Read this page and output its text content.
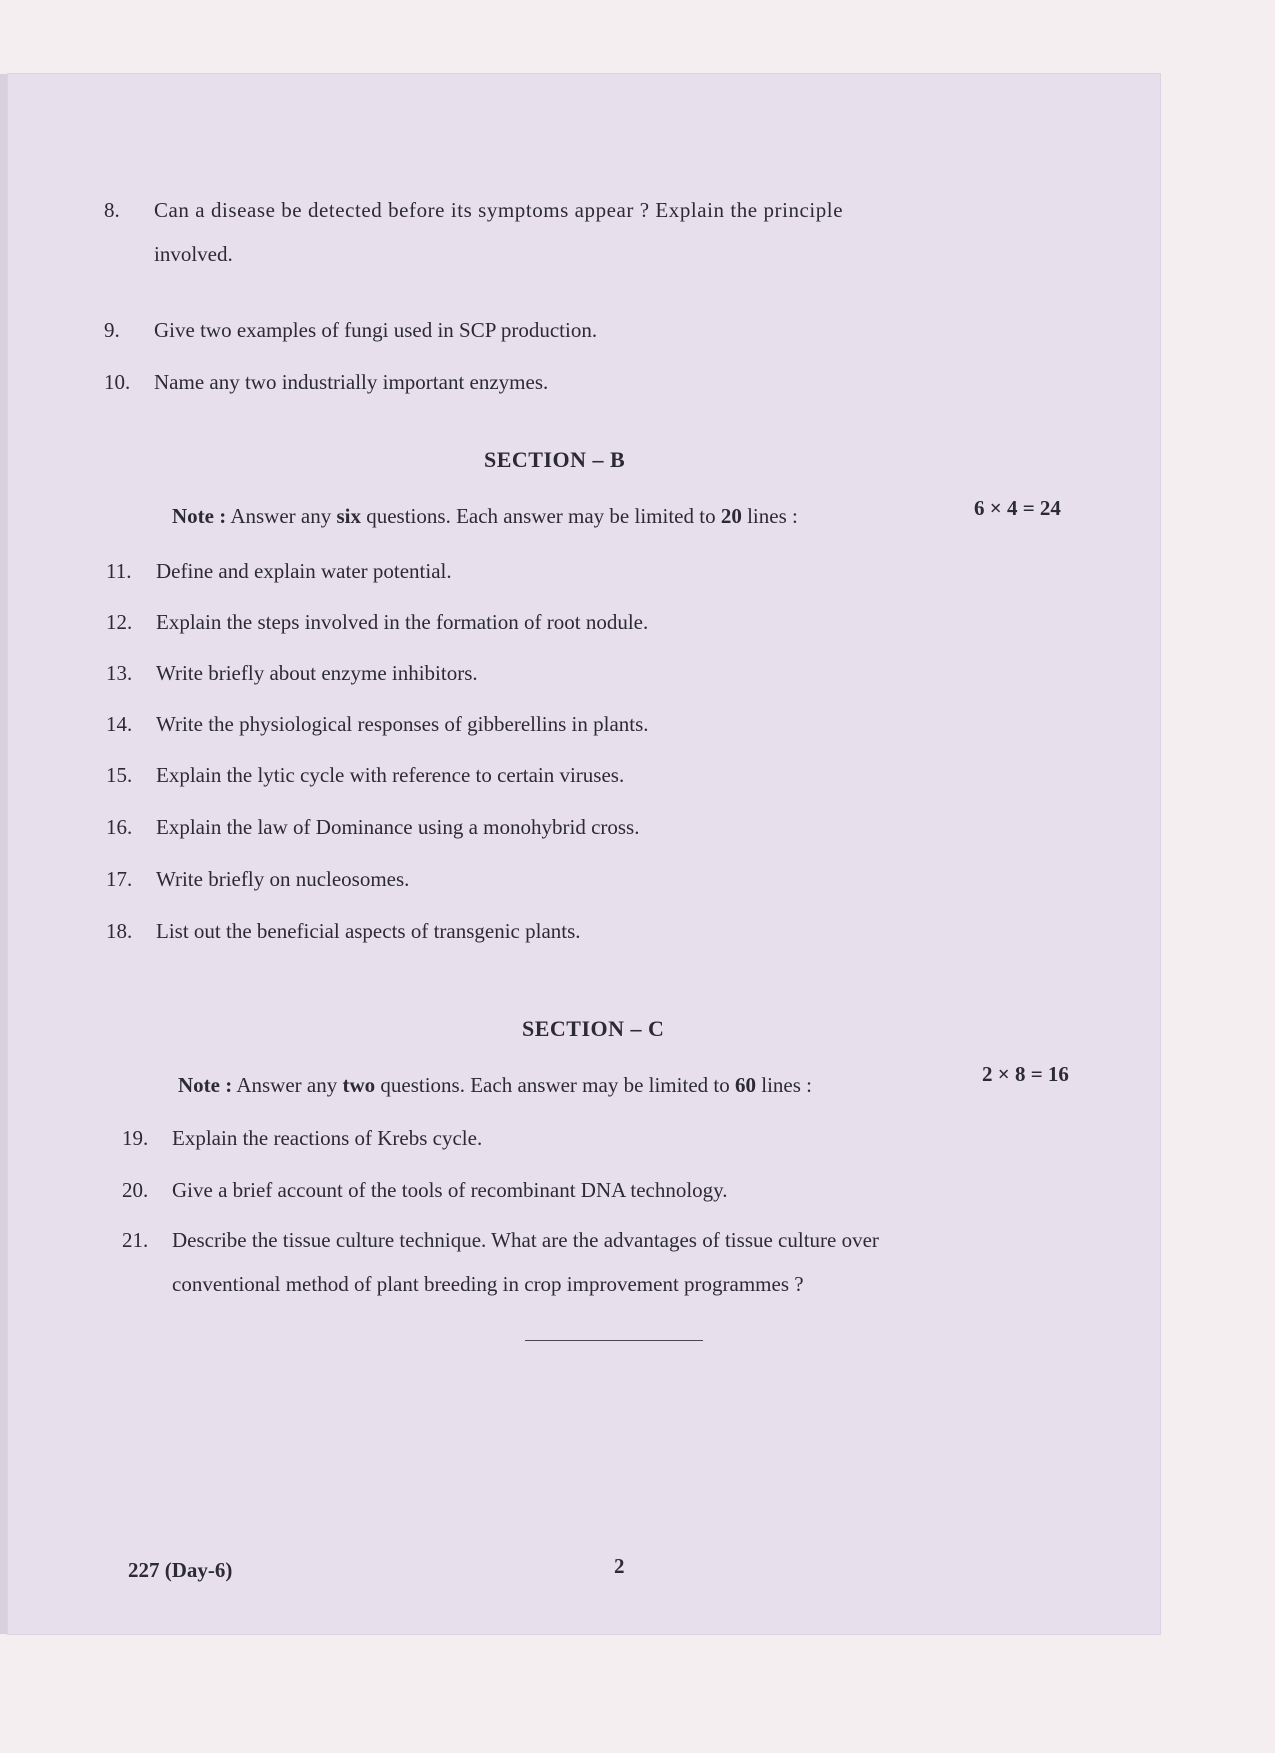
8.	Can a disease be detected before its symptoms appear ? Explain the principle
involved.
9.	Give two examples of fungi used in SCP production.
10.	Name any two industrially important enzymes.
SECTION – B
Note : Answer any six questions. Each answer may be limited to 20 lines :	6 × 4 = 24
11.	Define and explain water potential.
12.	Explain the steps involved in the formation of root nodule.
13.	Write briefly about enzyme inhibitors.
14.	Write the physiological responses of gibberellins in plants.
15.	Explain the lytic cycle with reference to certain viruses.
16.	Explain the law of Dominance using a monohybrid cross.
17.	Write briefly on nucleosomes.
18.	List out the beneficial aspects of transgenic plants.
SECTION – C
Note : Answer any two questions. Each answer may be limited to 60 lines :	2 × 8 = 16
19.	Explain the reactions of Krebs cycle.
20.	Give a brief account of the tools of recombinant DNA technology.
21.	Describe the tissue culture technique. What are the advantages of tissue culture over
conventional method of plant breeding in crop improvement programmes ?
227 (Day-6)	2
